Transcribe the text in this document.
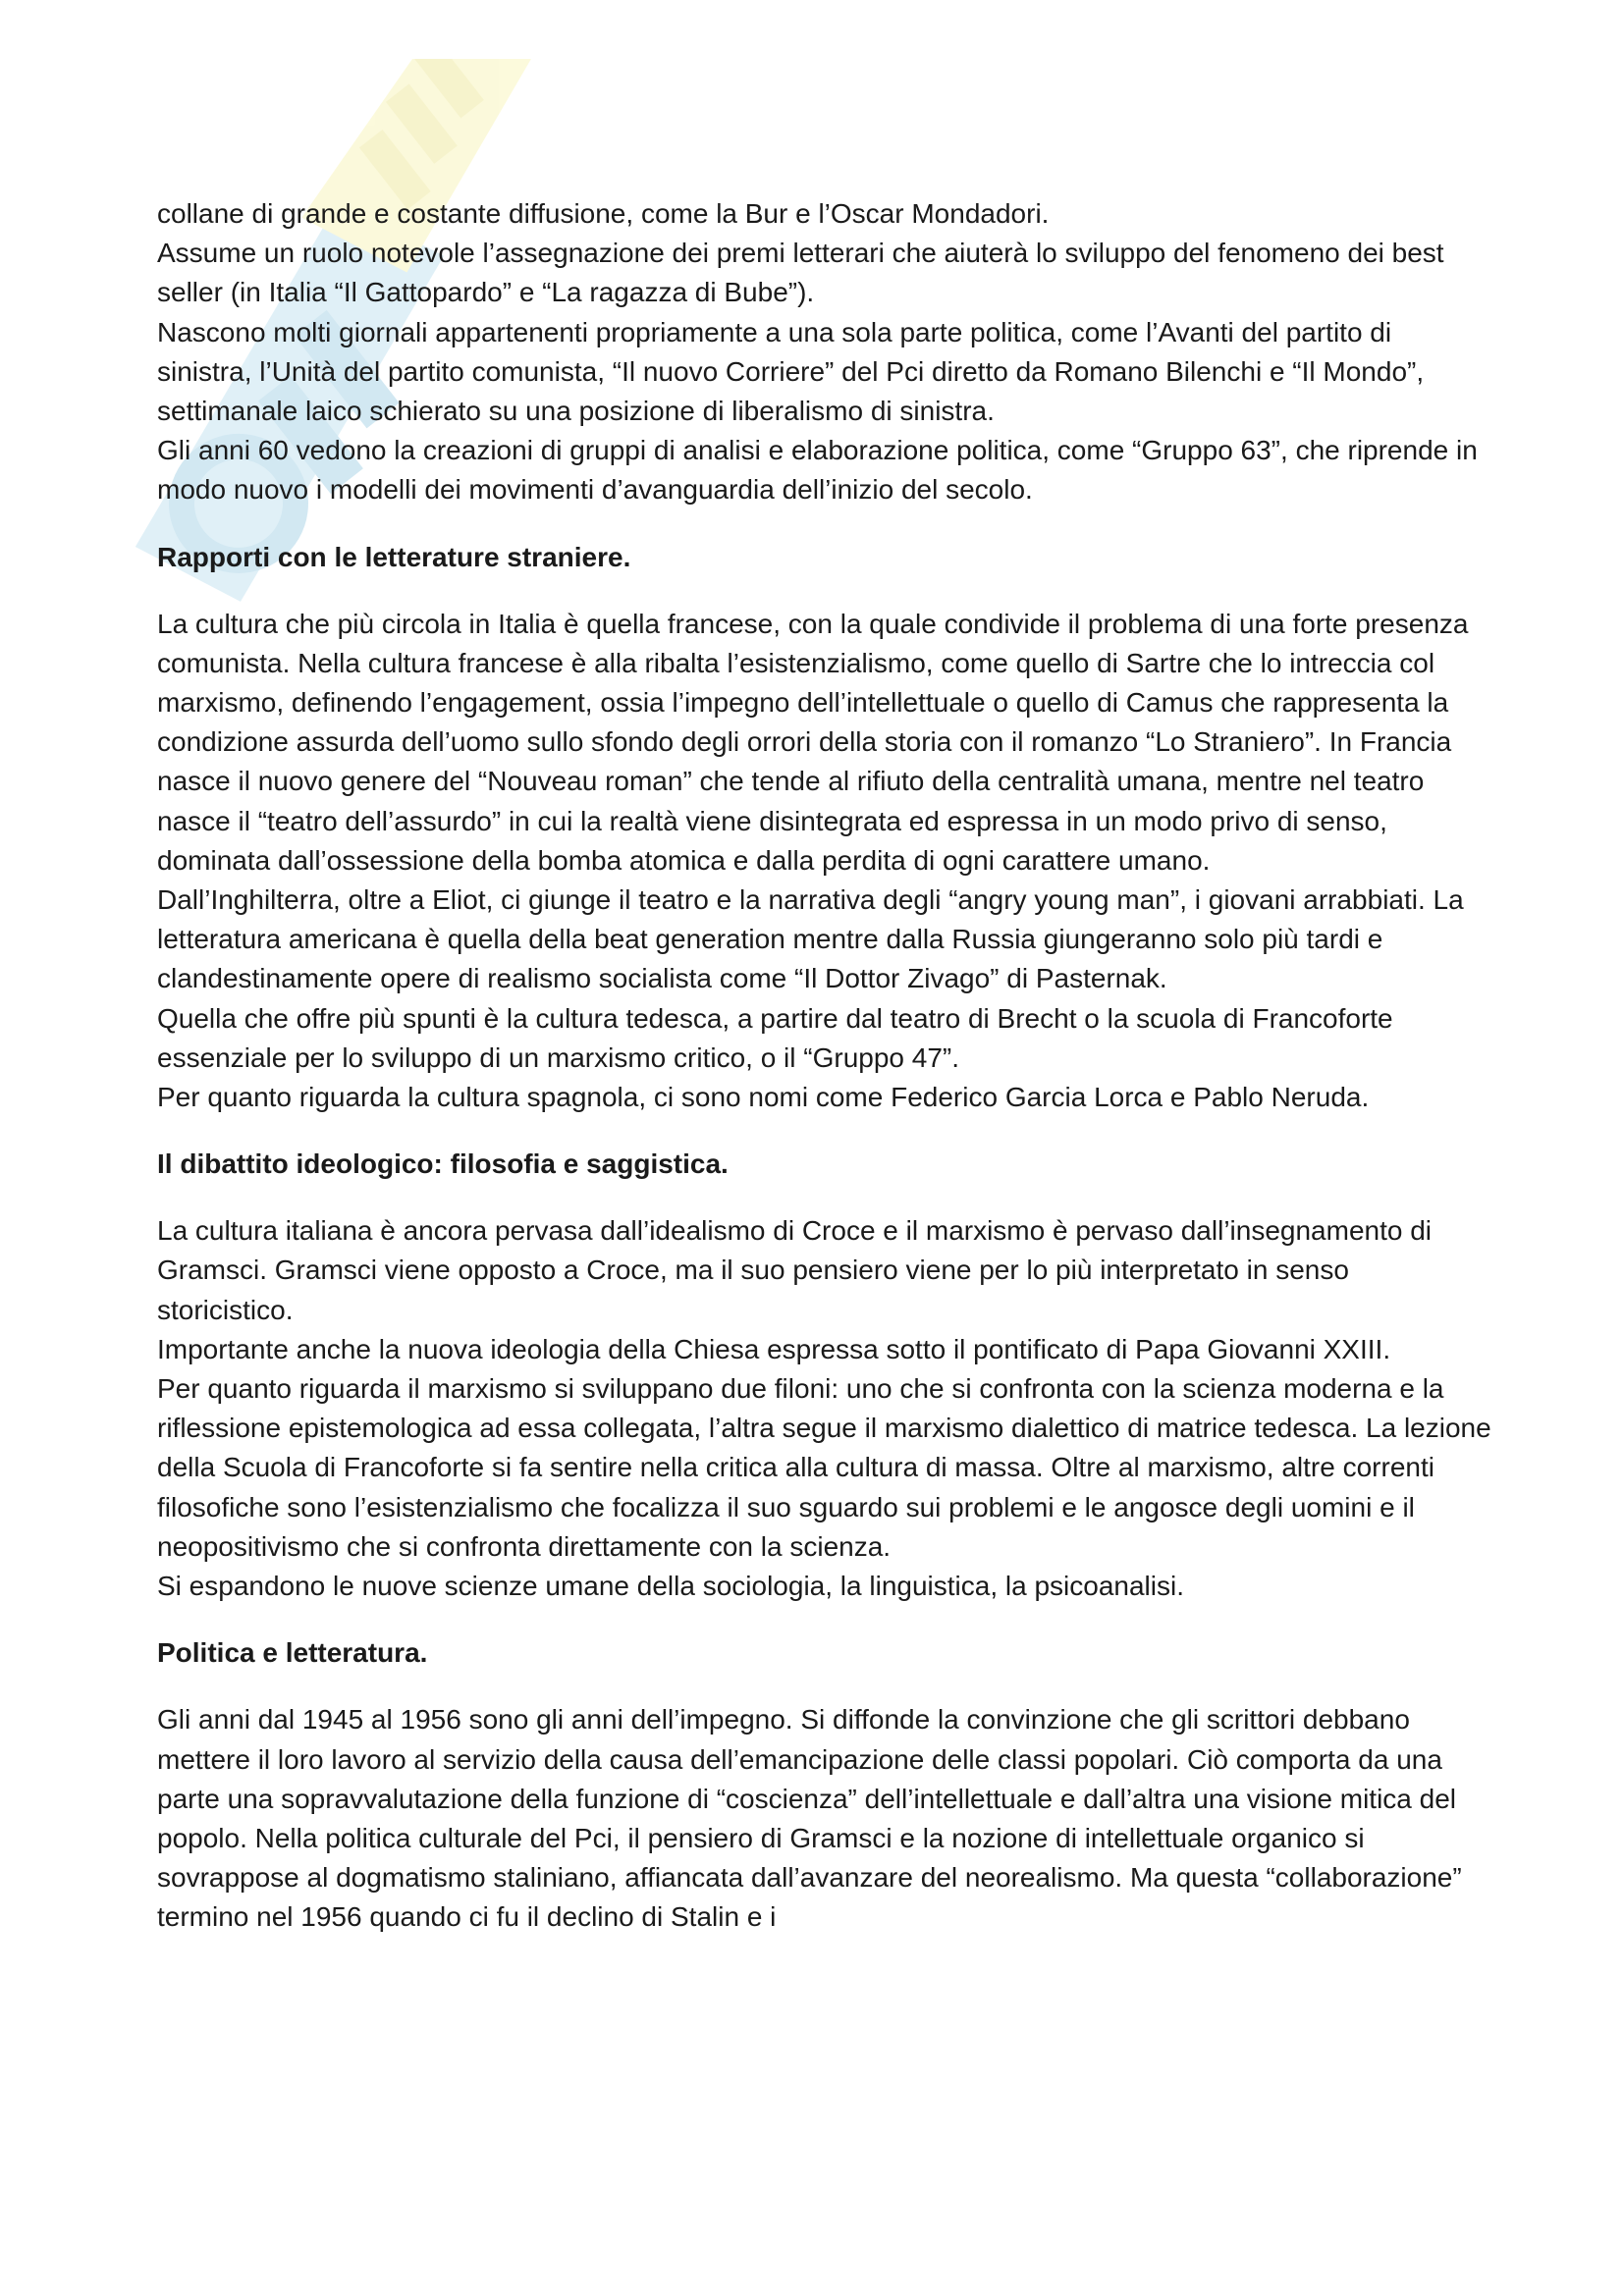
collane di grande e costante diffusione, come la Bur e l’Oscar Mondadori.

Assume un ruolo notevole l’assegnazione dei premi letterari che aiuterà lo sviluppo del fenomeno dei best seller (in Italia “Il Gattopardo” e “La ragazza di Bube”).

Nascono molti giornali appartenenti propriamente a una sola parte politica, come l’Avanti del partito di sinistra, l’Unità del partito comunista, “Il nuovo Corriere” del Pci diretto da Romano Bilenchi e “Il Mondo”, settimanale laico schierato su una posizione di liberalismo di sinistra.

Gli anni 60 vedono la creazioni di gruppi di analisi e elaborazione politica, come “Gruppo 63”, che riprende in modo nuovo i modelli dei movimenti d’avanguardia dell’inizio del secolo.

Rapporti con le letterature straniere.

La cultura che più circola in Italia è quella francese, con la quale condivide il problema di una forte presenza comunista. Nella cultura francese è alla ribalta l’esistenzialismo, come quello di Sartre che lo intreccia col marxismo, definendo l’engagement, ossia l’impegno dell’intellettuale o quello di Camus che rappresenta la condizione assurda dell’uomo sullo sfondo degli orrori della storia con il romanzo “Lo Straniero”. In Francia nasce il nuovo genere del “Nouveau roman” che tende al rifiuto della centralità umana, mentre nel teatro nasce il “teatro dell’assurdo” in cui la realtà viene disintegrata ed espressa in un modo privo di senso, dominata dall’ossessione della bomba atomica e dalla perdita di ogni carattere umano.

Dall’Inghilterra, oltre a Eliot, ci giunge il teatro e la narrativa degli “angry young man”, i giovani arrabbiati. La letteratura americana è quella della beat generation mentre dalla Russia giungeranno solo più tardi e clandestinamente opere di realismo socialista come “Il Dottor Zivago” di Pasternak.

Quella che offre più spunti è la cultura tedesca, a partire dal teatro di Brecht o la scuola di Francoforte essenziale per lo sviluppo di un marxismo critico, o il “Gruppo 47”.

Per quanto riguarda la cultura spagnola, ci sono nomi come Federico Garcia Lorca e Pablo Neruda.

Il dibattito ideologico: filosofia e saggistica.

La cultura italiana è ancora pervasa dall’idealismo di Croce e il marxismo è pervaso dall’insegnamento di Gramsci. Gramsci viene opposto a Croce, ma il suo pensiero viene per lo più interpretato in senso storicistico.

Importante anche la nuova ideologia della Chiesa espressa sotto il pontificato di Papa Giovanni XXIII.

Per quanto riguarda il marxismo si sviluppano due filoni: uno che si confronta con la scienza moderna e la riflessione epistemologica ad essa collegata, l’altra segue il marxismo dialettico di matrice tedesca. La lezione della Scuola di Francoforte si fa sentire nella critica alla cultura di massa. Oltre al marxismo, altre correnti filosofiche sono l’esistenzialismo che focalizza il suo sguardo sui problemi e le angosce degli uomini e il neopositivismo che si confronta direttamente con la scienza.

Si espandono le nuove scienze umane della sociologia, la linguistica, la psicoanalisi.

Politica e letteratura.

Gli anni dal 1945 al 1956 sono gli anni dell’impegno. Si diffonde la convinzione che gli scrittori debbano mettere il loro lavoro al servizio della causa dell’emancipazione delle classi popolari. Ciò comporta da una parte una sopravvalutazione della funzione di “coscienza” dell’intellettuale e dall’altra una visione mitica del popolo. Nella politica culturale del Pci, il pensiero di Gramsci e la nozione di intellettuale organico si sovrappose al dogmatismo staliniano, affiancata dall’avanzare del neorealismo. Ma questa “collaborazione” termino nel 1956 quando ci fu il declino di Stalin e i
